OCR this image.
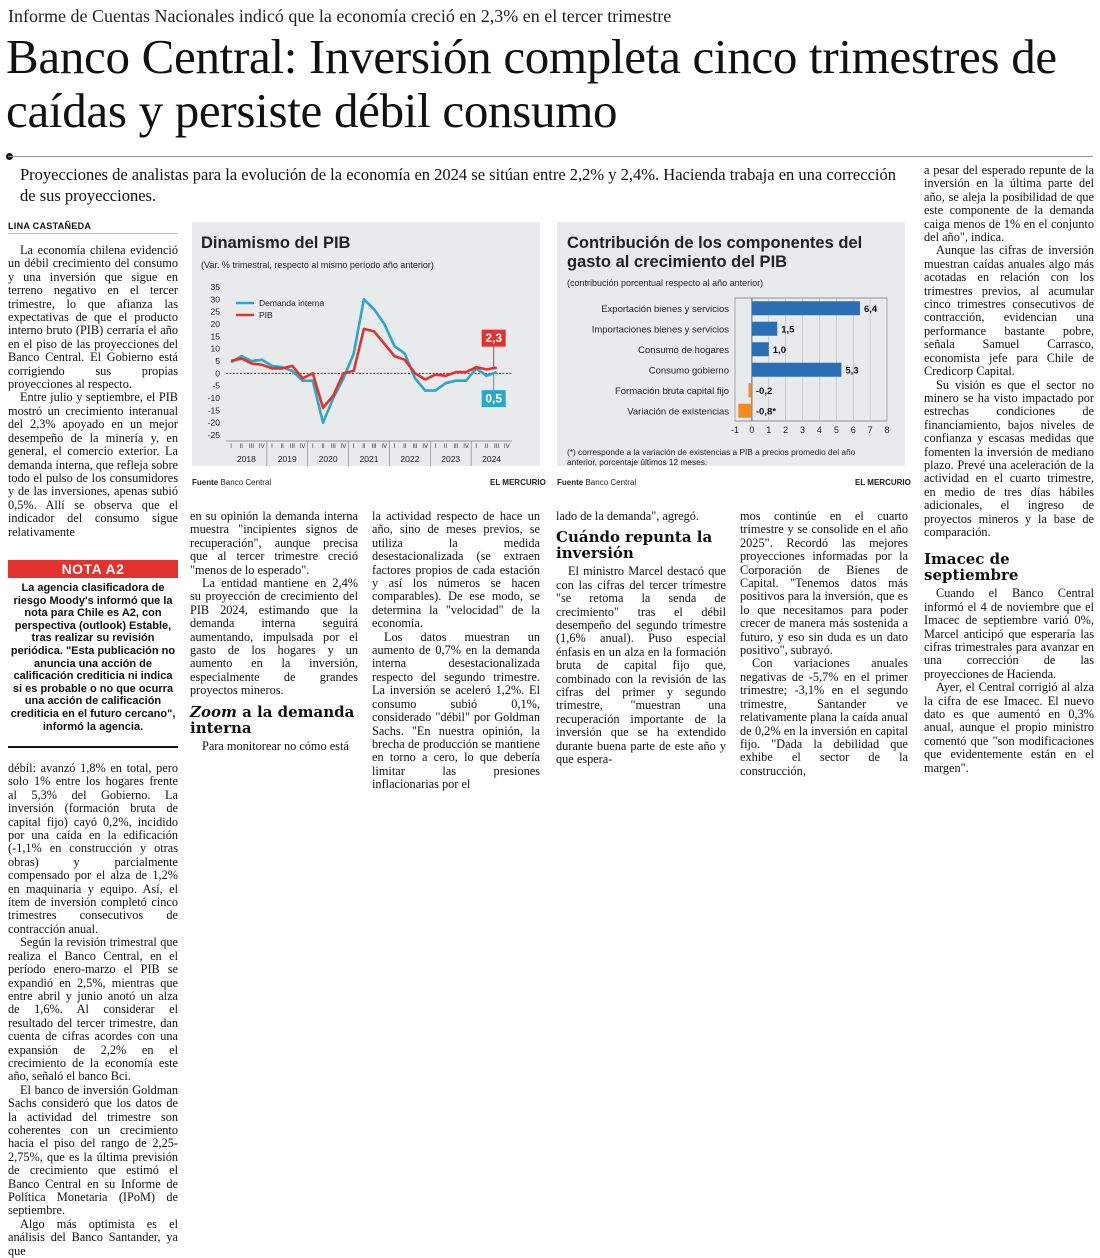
Informe de Cuentas Nacionales indicó que la economía creció en 2,3% en el tercer trimestre
Banco Central: Inversión completa cinco trimestres de caídas y persiste débil consumo
Proyecciones de analistas para la evolución de la economía en 2024 se sitúan entre 2,2% y 2,4%. Hacienda trabaja en una corrección de sus proyecciones.
LINA CASTAÑEDA

La economía chilena evidenció un débil crecimiento del consumo y una inversión que sigue en terreno negativo en el tercer trimestre, lo que afianza las expectativas de que el producto interno bruto (PIB) cerraría el año en el piso de las proyecciones del Banco Central. El Gobierno está corrigiendo sus propias proyecciones al respecto.

Entre julio y septiembre, el PIB mostró un crecimiento interanual del 2,3% apoyado en un mejor desempeño de la minería y, en general, el comercio exterior. La demanda interna, que refleja sobre todo el pulso de los consumidores y de las inversiones, apenas subió 0,5%. Allí se observa que el indicador del consumo sigue relativamente

NOTA A2
La agencia clasificadora de riesgo Moody's informó que la nota para Chile es A2, con perspectiva (outlook) Estable, tras realizar su revisión periódica. "Esta publicación no anuncia una acción de calificación crediticia ni indica si es probable o no que ocurra una acción de calificación crediticia en el futuro cercano", informó la agencia.

débil: avanzó 1,8% en total, pero solo 1% entre los hogares frente al 5,3% del Gobierno. La inversión (formación bruta de capital fijo) cayó 0,2%, incidido por una caída en la edificación (-1,1% en construcción y otras obras) y parcialmente compensado por el alza de 1,2% en maquinaria y equipo. Así, el ítem de inversión completó cinco trimestres consecutivos de contracción anual.

Según la revisión trimestral que realiza el Banco Central, en el período enero-marzo el PIB se expandió en 2,5%, mientras que entre abril y junio anotó un alza de 1,6%. Al considerar el resultado del tercer trimestre, dan cuenta de cifras acordes con una expansión de 2,2% en el crecimiento de la economía este año, señaló el banco Bci.

El banco de inversión Goldman Sachs consideró que los datos de la actividad del trimestre son coherentes con un crecimiento hacia el piso del rango de 2,25-2,75%, que es la última previsión de crecimiento que estimó el Banco Central en su Informe de Política Monetaria (IPoM) de septiembre.

Algo más optimista es el análisis del Banco Santander, ya que

Dinamismo del PIB
(Var. % trimestral, respecto al mismo período año anterior)
35
30
25
20
15
10
5
0
-5
-10
-15
-20
-25
I II III IV I II III IV I II III IV I II III IV I II III IV I II III IV I II III IV
2018	2019	2020	2021	2022	2023	2024
Demanda interna
PIB
2,3
0,5
Fuente Banco Central	EL MERCURIO
Contribución de los componentes del gasto al crecimiento del PIB
(contribución porcentual respecto al año anterior)
-1 0 1 2 3 4 5 6 7 8
Exportación bienes y servicios	6,4
Importaciones bienes y servicios	1,5
Consumo de hogares	1,0
Consumo gobierno	5,3
Formación bruta capital fijo	-0,2
Variación de existencias	-0,8*
(*) corresponde a la variación de existencias a PIB a precios promedio del año anterior, porcentaje últimos 12 meses.
Fuente Banco Central	EL MERCURIO

en su opinión la demanda interna muestra "incipientes signos de recuperación", aunque precisa que al tercer trimestre creció "menos de lo esperado".

La entidad mantiene en 2,4% su proyección de crecimiento del PIB 2024, estimando que la demanda interna seguirá aumentando, impulsada por el gasto de los hogares y un aumento en la inversión, especialmente de grandes proyectos mineros.

Zoom a la demanda interna

Para monitorear no cómo está

la actividad respecto de hace un año, sino de meses previos, se utiliza la medida desestacionalizada (se extraen factores propios de cada estación y así los números se hacen comparables). De ese modo, se determina la "velocidad" de la economía.

Los datos muestran un aumento de 0,7% en la demanda interna desestacionalizada respecto del segundo trimestre. La inversión se aceleró 1,2%. El consumo subió 0,1%, considerado "débil" por Goldman Sachs. "En nuestra opinión, la brecha de producción se mantiene en torno a cero, lo que debería limitar las presiones inflacionarias por el

lado de la demanda", agregó.

Cuándo repunta la inversión

El ministro Marcel destacó que con las cifras del tercer trimestre "se retoma la senda de crecimiento" tras el débil desempeño del segundo trimestre (1,6% anual). Puso especial énfasis en un alza en la formación bruta de capital fijo que, combinado con la revisión de las cifras del primer y segundo trimestre, "muestran una recuperación importante de la inversión que se ha extendido durante buena parte de este año y que espera-

mos continúe en el cuarto trimestre y se consolide en el año 2025". Recordó las mejores proyecciones informadas por la Corporación de Bienes de Capital. "Tenemos datos más positivos para la inversión, que es lo que necesitamos para poder crecer de manera más sostenida a futuro, y eso sin duda es un dato positivo", subrayó.

Con variaciones anuales negativas de -5,7% en el primer trimestre; -3,1% en el segundo trimestre, Santander ve relativamente plana la caída anual de 0,2% en la inversión en capital fijo. "Dada la debilidad que exhibe el sector de la construcción,

a pesar del esperado repunte de la inversión en la última parte del año, se aleja la posibilidad de que este componente de la demanda caiga menos de 1% en el conjunto del año", indica.

Aunque las cifras de inversión muestran caídas anuales algo más acotadas en relación con los trimestres previos, al acumular cinco trimestres consecutivos de contracción, evidencian una performance bastante pobre, señala Samuel Carrasco, economista jefe para Chile de Credicorp Capital.

Su visión es que el sector no minero se ha visto impactado por estrechas condiciones de financiamiento, bajos niveles de confianza y escasas medidas que fomenten la inversión de mediano plazo. Prevé una aceleración de la actividad en el cuarto trimestre, en medio de tres días hábiles adicionales, el ingreso de proyectos mineros y la base de comparación.

Imacec de septiembre

Cuando el Banco Central informó el 4 de noviembre que el Imacec de septiembre varió 0%, Marcel anticipó que esperaría las cifras trimestrales para avanzar en una corrección de las proyecciones de Hacienda.

Ayer, el Central corrigió al alza la cifra de ese Imacec. El nuevo dato es que aumentó en 0,3% anual, aunque el propio ministro comentó que "son modificaciones que evidentemente están en el margen".
